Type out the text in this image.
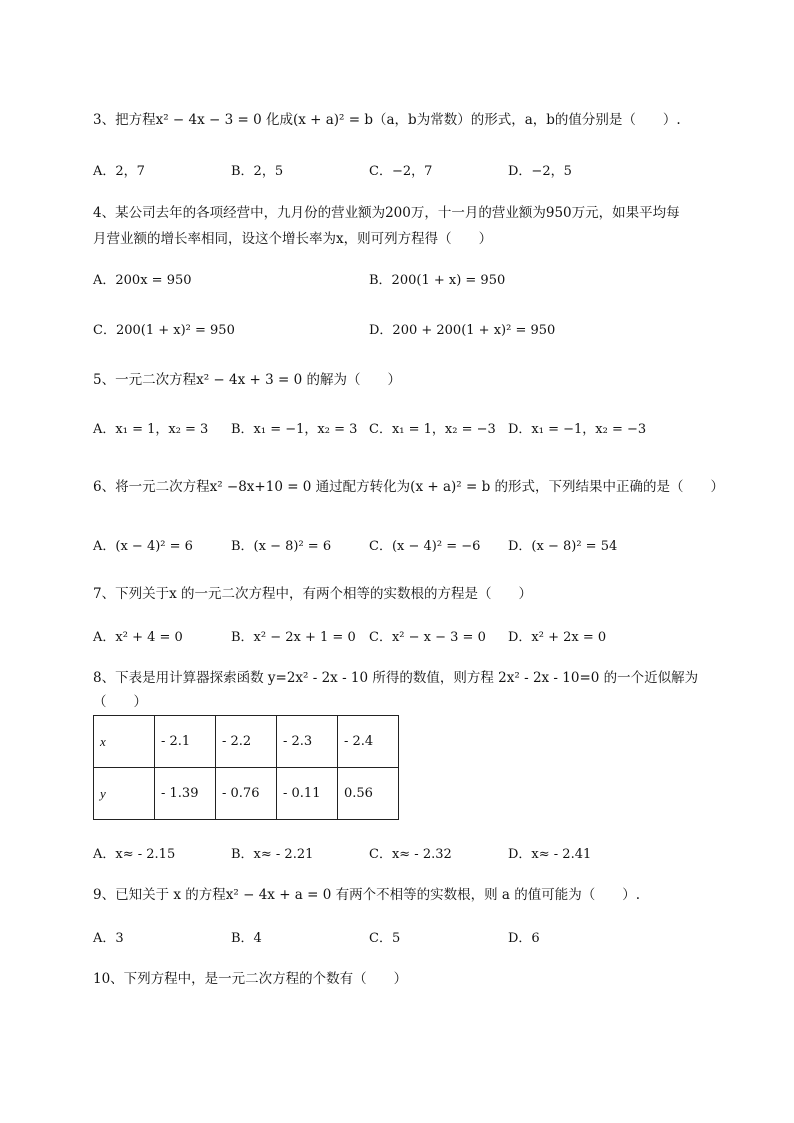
3、把方程x² − 4x − 3 = 0 化成(x + a)² = b（a，b为常数）的形式，a，b的值分别是（　　）.
A．2，7	B．2，5	C．−2，7	D．−2，5
4、某公司去年的各项经营中，九月份的营业额为200万，十一月的营业额为950万元，如果平均每
月营业额的增长率相同，设这个增长率为x，则可列方程得（　　）
A．200x = 950	B．200(1 + x) = 950
C．200(1 + x)² = 950	D．200 + 200(1 + x)² = 950
5、一元二次方程x² − 4x + 3 = 0 的解为（　　）
A．x₁ = 1，x₂ = 3 B．x₁ = −1，x₂ = 3 C．x₁ = 1，x₂ = −3 D．x₁ = −1，x₂ = −3
6、将一元二次方程x² −8x+10 = 0 通过配方转化为(x + a)² = b 的形式，下列结果中正确的是（　　）
A．(x − 4)² = 6	B．(x − 8)² = 6	C．(x − 4)² = −6 D．(x − 8)² = 54
7、下列关于x 的一元二次方程中，有两个相等的实数根的方程是（　　）
A．x² + 4 = 0	B．x² − 2x + 1 = 0 C．x² − x − 3 = 0 D．x² + 2x = 0
8、下表是用计算器探索函数 y=2x² - 2x - 10 所得的数值，则方程 2x² - 2x - 10=0 的一个近似解为
（　　）
x	- 2.1	- 2.2	- 2.3	- 2.4
y	- 1.39	- 0.76	- 0.11	0.56
A．x≈ - 2.15	B．x≈ - 2.21	C．x≈ - 2.32	D．x≈ - 2.41
9、已知关于 x 的方程x² − 4x + a = 0 有两个不相等的实数根，则 a 的值可能为（　　）.
A．3	B．4	C．5	D．6
10、下列方程中，是一元二次方程的个数有（　　）
